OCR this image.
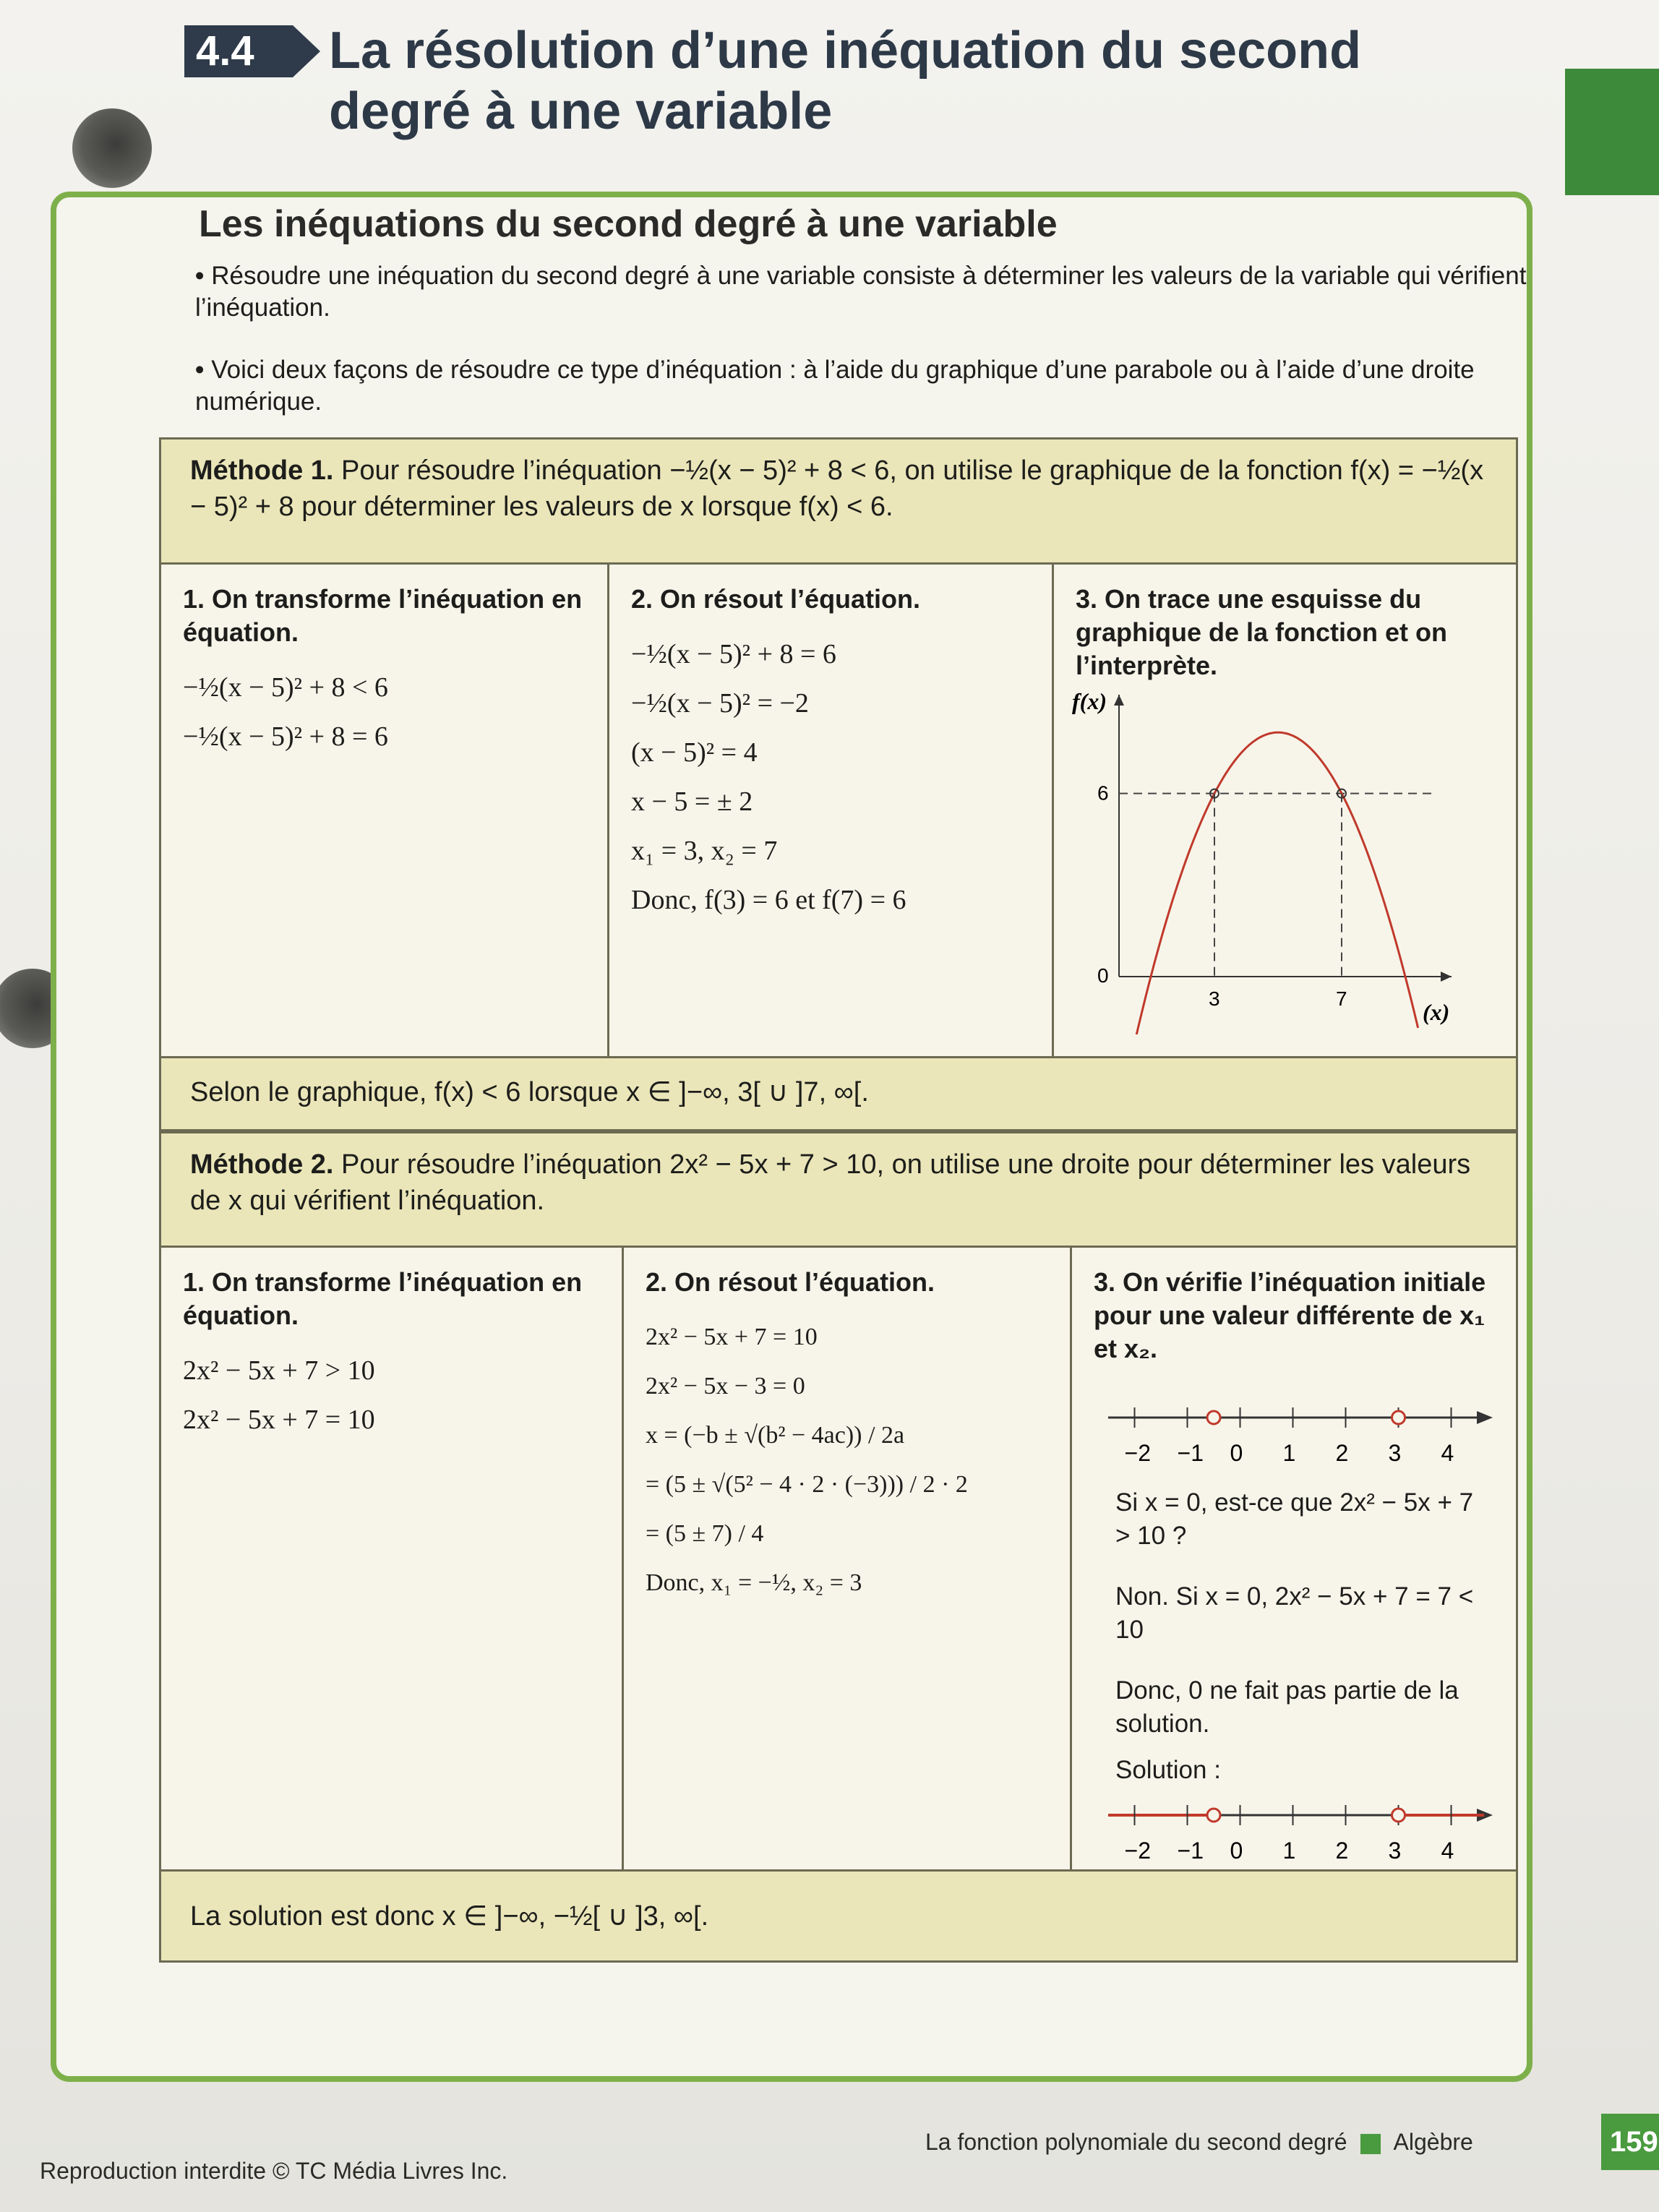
4.4	La résolution d’une inéquation du second
degré à une variable
Les inéquations du second degré à une variable
• Résoudre une inéquation du second degré à une variable consiste à déterminer les valeurs de la variable qui vérifient l’inéquation.
• Voici deux façons de résoudre ce type d’inéquation : à l’aide du graphique d’une parabole ou à l’aide d’une droite numérique.
Méthode 1. Pour résoudre l’inéquation −½(x − 5)² + 8 < 6, on utilise le graphique de la fonction f(x) = −½(x − 5)² + 8 pour déterminer les valeurs de x lorsque f(x) < 6.
1. On transforme l’inéquation en équation.
−½(x − 5)² + 8 < 6
−½(x − 5)² + 8 = 6
2. On résout l’équation.
−½(x − 5)² + 8 = 6
−½(x − 5)² = −2
(x − 5)² = 4
x − 5 = ± 2
x₁ = 3, x₂ = 7
Donc, f(3) = 6 et f(7) = 6
3. On trace une esquisse du graphique de la fonction et on l’interprète.
f(x)
(x)
0
6
3	7
Selon le graphique, f(x) < 6 lorsque x ∈ ]−∞, 3[ ∪ ]7, ∞[.
Méthode 2. Pour résoudre l’inéquation 2x² − 5x + 7 > 10, on utilise une droite pour déterminer les valeurs de x qui vérifient l’inéquation.
1. On transforme l’inéquation en équation.
2x² − 5x + 7 > 10
2x² − 5x + 7 = 10
2. On résout l’équation.
2x² − 5x + 7 = 10
2x² − 5x − 3 = 0
x = (−b ± √(b² − 4ac)) / 2a
= (5 ± √(5² − 4 · 2 · (−3))) / 2 · 2
= (5 ± 7) / 4
Donc, x₁ = −½, x₂ = 3
3. On vérifie l’inéquation initiale pour une valeur différente de x₁ et x₂.
−2 −1 0 1 2 3 4
Si x = 0, est-ce que 2x² − 5x + 7 > 10 ?
Non. Si x = 0, 2x² − 5x + 7 = 7 < 10
Donc, 0 ne fait pas partie de la solution.
Solution :
−2 −1 0 1 2 3 4
La solution est donc x ∈ ]−∞, −½[ ∪ ]3, ∞[.
Reproduction interdite © TC Média Livres Inc.
La fonction polynomiale du second degré Algèbre	159
